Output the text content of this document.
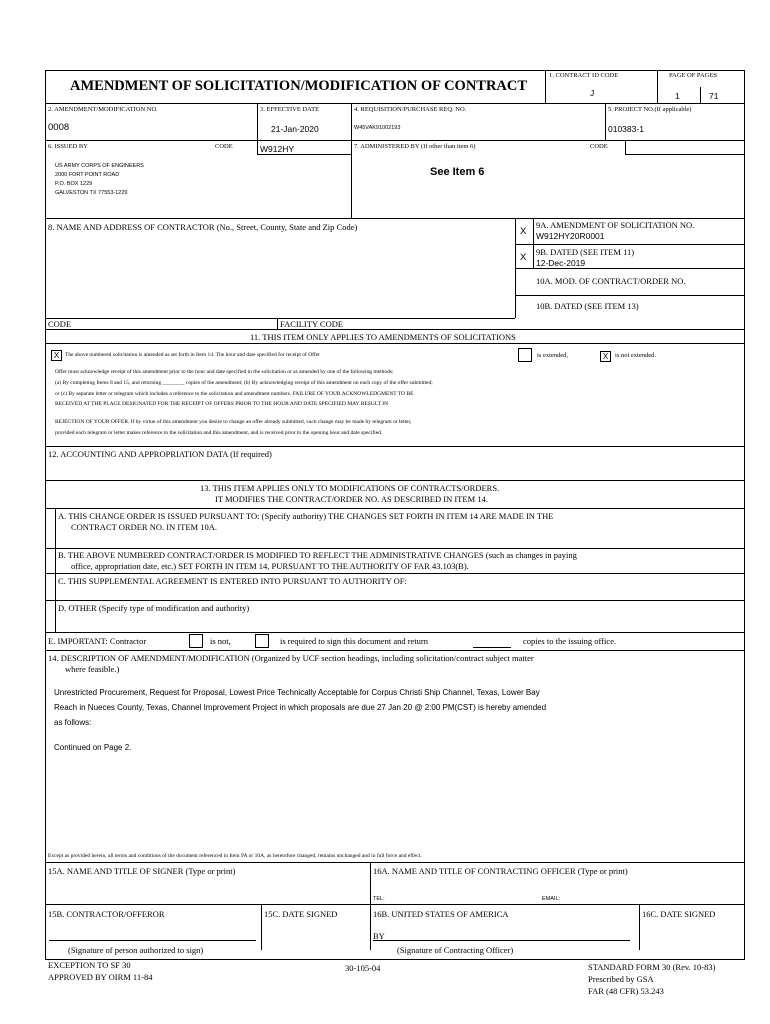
AMENDMENT OF SOLICITATION/MODIFICATION OF CONTRACT
1. CONTRACT ID CODE
J
PAGE OF PAGES
1	71
2. AMENDMENT/MODIFICATION NO.
0008
3. EFFECTIVE DATE
21-Jan-2020
4. REQUISITION/PURCHASE REQ. NO.
W45VAK91002193
5. PROJECT NO.(If applicable)
010383-1
6. ISSUED BY	CODE	W912HY	7. ADMINISTERED BY (If other than item 6)	CODE
US ARMY CORPS OF ENGINEERS
2000 FORT POINT ROAD
P.O. BOX 1229
GALVESTON TX 77553-1229
See Item 6
8. NAME AND ADDRESS OF CONTRACTOR (No., Street, County, State and Zip Code)	X
9A. AMENDMENT OF SOLICITATION NO.
W912HY20R0001
X 9B. DATED (SEE ITEM 11)
12-Dec-2019
10A. MOD. OF CONTRACT/ORDER NO.
10B. DATED (SEE ITEM 13)
CODE	FACILITY CODE
11. THIS ITEM ONLY APPLIES TO AMENDMENTS OF SOLICITATIONS
X	The above numbered solicitation is amended as set forth in Item 14. The hour and date specified for receipt of Offer	is extended,	X	is not extended.
Offer must acknowledge receipt of this amendment prior to the hour and date specified in the solicitation or as amended by one of the following methods:
(a) By completing Items 8 and 15, and returning ________ copies of the amendment; (b) By acknowledging receipt of this amendment on each copy of the offer submitted;
or (c) By separate letter or telegram which includes a reference to the solicitation and amendment numbers. FAILURE OF YOUR ACKNOWLEDGMENT TO BE
RECEIVED AT THE PLACE DESIGNATED FOR THE RECEIPT OF OFFERS PRIOR TO THE HOUR AND DATE SPECIFIED MAY RESULT IN
REJECTION OF YOUR OFFER. If by virtue of this amendment you desire to change an offer already submitted, such change may be made by telegram or letter,
provided each telegram or letter makes reference to the solicitation and this amendment, and is received prior to the opening hour and date specified.
12. ACCOUNTING AND APPROPRIATION DATA (If required)
13. THIS ITEM APPLIES ONLY TO MODIFICATIONS OF CONTRACTS/ORDERS.
IT MODIFIES THE CONTRACT/ORDER NO. AS DESCRIBED IN ITEM 14.
A. THIS CHANGE ORDER IS ISSUED PURSUANT TO: (Specify authority) THE CHANGES SET FORTH IN ITEM 14 ARE MADE IN THE
CONTRACT ORDER NO. IN ITEM 10A.
B. THE ABOVE NUMBERED CONTRACT/ORDER IS MODIFIED TO REFLECT THE ADMINISTRATIVE CHANGES (such as changes in paying
office, appropriation date, etc.) SET FORTH IN ITEM 14, PURSUANT TO THE AUTHORITY OF FAR 43.103(B).
C. THIS SUPPLEMENTAL AGREEMENT IS ENTERED INTO PURSUANT TO AUTHORITY OF:
D. OTHER (Specify type of modification and authority)
E. IMPORTANT: Contractor	is not,	is required to sign this document and return	copies to the issuing office.
14. DESCRIPTION OF AMENDMENT/MODIFICATION (Organized by UCF section headings, including solicitation/contract subject matter
where feasible.)
Unrestricted Procurement, Request for Proposal, Lowest Price Technically Acceptable for Corpus Christi Ship Channel, Texas, Lower Bay
Reach in Nueces County, Texas, Channel Improvement Project in which proposals are due 27 Jan 20 @ 2:00 PM(CST) is hereby amended
as follows:
Continued on Page 2.
Except as provided herein, all terms and conditions of the document referenced in Item 9A or 10A, as heretofore changed, remains unchanged and in full force and effect.
15A. NAME AND TITLE OF SIGNER (Type or print)	16A. NAME AND TITLE OF CONTRACTING OFFICER (Type or print)
TEL:	EMAIL:
15B. CONTRACTOR/OFFEROR	15C. DATE SIGNED	16B. UNITED STATES OF AMERICA	16C. DATE SIGNED
BY
(Signature of person authorized to sign)	(Signature of Contracting Officer)
EXCEPTION TO SF 30
APPROVED BY OIRM 11-84
30-105-04	STANDARD FORM 30 (Rev. 10-83)
Prescribed by GSA
FAR (48 CFR) 53.243
